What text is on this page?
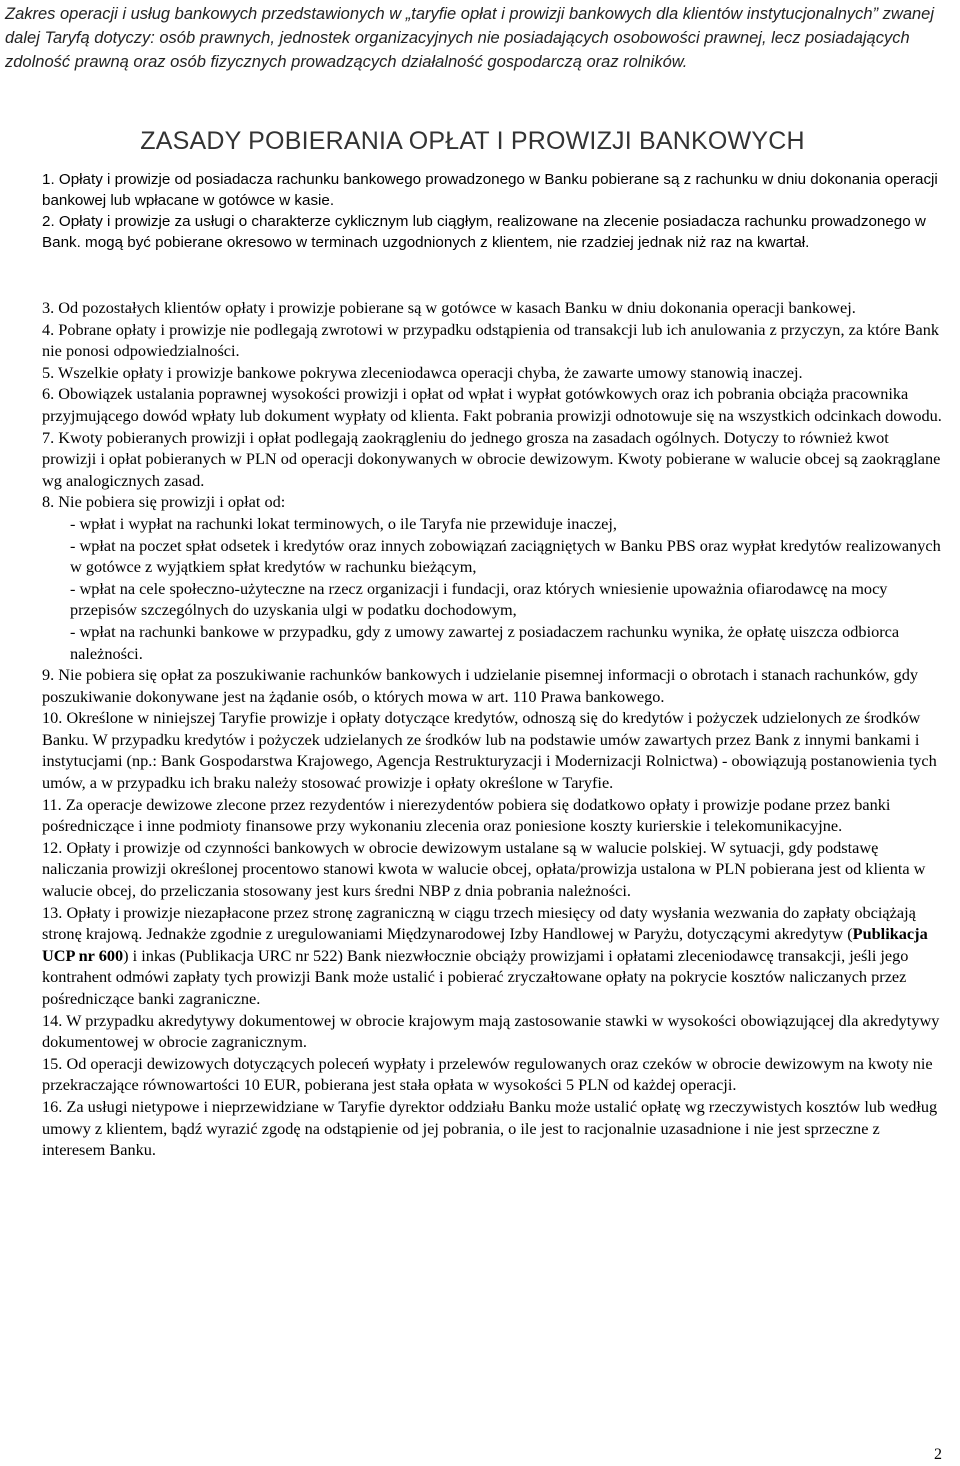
Zakres operacji i usług bankowych przedstawionych w „taryfie opłat i prowizji bankowych dla klientów instytucjonalnych” zwanej dalej Taryfą dotyczy: osób prawnych, jednostek organizacyjnych nie posiadających osobowości prawnej, lecz posiadających zdolność prawną oraz osób fizycznych prowadzących działalność gospodarczą oraz rolników.
ZASADY POBIERANIA OPŁAT I PROWIZJI BANKOWYCH
1. Opłaty i prowizje od posiadacza rachunku bankowego prowadzonego w Banku pobierane są z rachunku w dniu dokonania operacji bankowej lub wpłacane w gotówce w kasie.
2. Opłaty i prowizje za usługi o charakterze cyklicznym lub ciągłym, realizowane na zlecenie posiadacza rachunku prowadzonego w Bank. mogą być pobierane okresowo w terminach uzgodnionych z klientem, nie rzadziej jednak niż raz na kwartał.
3. Od pozostałych klientów opłaty i prowizje pobierane są w gotówce w kasach Banku w dniu dokonania operacji bankowej.
4. Pobrane opłaty i prowizje nie podlegają zwrotowi w przypadku odstąpienia od transakcji lub ich anulowania z przyczyn, za które Bank nie ponosi odpowiedzialności.
5. Wszelkie opłaty i prowizje bankowe pokrywa zleceniodawca operacji chyba, że zawarte umowy stanowią inaczej.
6. Obowiązek ustalania poprawnej wysokości prowizji i opłat od wpłat i wypłat gotówkowych oraz ich pobrania obciąża pracownika przyjmującego dowód wpłaty lub dokument wypłaty od klienta. Fakt pobrania prowizji odnotowuje się na wszystkich odcinkach dowodu.
7. Kwoty pobieranych prowizji i opłat podlegają zaokrągleniu do jednego grosza na zasadach ogólnych. Dotyczy to również kwot prowizji i opłat pobieranych w PLN od operacji dokonywanych w obrocie dewizowym. Kwoty pobierane w walucie obcej są zaokrąglane wg analogicznych zasad.
8. Nie pobiera się prowizji i opłat od:
- wpłat i wypłat na rachunki lokat terminowych, o ile Taryfa nie przewiduje inaczej,
- wpłat na poczet spłat odsetek i kredytów oraz innych zobowiązań zaciągniętych w Banku PBS oraz wypłat kredytów realizowanych w gotówce z wyjątkiem spłat kredytów w rachunku bieżącym,
- wpłat na cele społeczno-użyteczne na rzecz organizacji i fundacji, oraz których wniesienie upoważnia ofiarodawcę na mocy przepisów szczególnych do uzyskania ulgi w podatku dochodowym,
- wpłat na rachunki bankowe w przypadku, gdy z umowy zawartej z posiadaczem rachunku wynika, że opłatę uiszcza odbiorca należności.
9. Nie pobiera się opłat za poszukiwanie rachunków bankowych i udzielanie pisemnej informacji o obrotach i stanach rachunków, gdy poszukiwanie dokonywane jest na żądanie osób, o których mowa w art. 110 Prawa bankowego.
10. Określone w niniejszej Taryfie prowizje i opłaty dotyczące kredytów, odnoszą się do kredytów i pożyczek udzielonych ze środków Banku. W przypadku kredytów i pożyczek udzielanych ze środków lub na podstawie umów zawartych przez Bank z innymi bankami i instytucjami (np.: Bank Gospodarstwa Krajowego, Agencja Restrukturyzacji i Modernizacji Rolnictwa) - obowiązują postanowienia tych umów, a w przypadku ich braku należy stosować prowizje i opłaty określone w Taryfie.
11. Za operacje dewizowe zlecone przez rezydentów i nierezydentów pobiera się dodatkowo opłaty i prowizje podane przez banki pośredniczące i inne podmioty finansowe przy wykonaniu zlecenia oraz poniesione koszty kurierskie i telekomunikacyjne.
12. Opłaty i prowizje od czynności bankowych w obrocie dewizowym ustalane są w walucie polskiej. W sytuacji, gdy podstawę naliczania prowizji określonej procentowo stanowi kwota w walucie obcej, opłata/prowizja ustalona w PLN pobierana jest od klienta w walucie obcej, do przeliczania stosowany jest kurs średni NBP z dnia pobrania należności.
13. Opłaty i prowizje niezapłacone przez stronę zagraniczną w ciągu trzech miesięcy od daty wysłania wezwania do zapłaty obciążają stronę krajową. Jednakże zgodnie z uregulowaniami Międzynarodowej Izby Handlowej w Paryżu, dotyczącymi akredytyw (Publikacja UCP nr 600) i inkas (Publikacja URC nr 522) Bank niezwłocznie obciąży prowizjami i opłatami zleceniodawcę transakcji, jeśli jego kontrahent odmówi zapłaty tych prowizji Bank może ustalić i pobierać zryczałtowane opłaty na pokrycie kosztów naliczanych przez pośredniczące banki zagraniczne.
14. W przypadku akredytywy dokumentowej w obrocie krajowym mają zastosowanie stawki w wysokości obowiązującej dla akredytywy dokumentowej w obrocie zagranicznym.
15. Od operacji dewizowych dotyczących poleceń wypłaty i przelewów regulowanych oraz czeków w obrocie dewizowym na kwoty nie przekraczające równowartości 10 EUR, pobierana jest stała opłata w wysokości 5 PLN od każdej operacji.
16. Za usługi nietypowe i nieprzewidziane w Taryfie dyrektor oddziału Banku może ustalić opłatę wg rzeczywistych kosztów lub według umowy z klientem, bądź wyrazić zgodę na odstąpienie od jej pobrania, o ile jest to racjonalnie uzasadnione i nie jest sprzeczne z interesem Banku.
2
